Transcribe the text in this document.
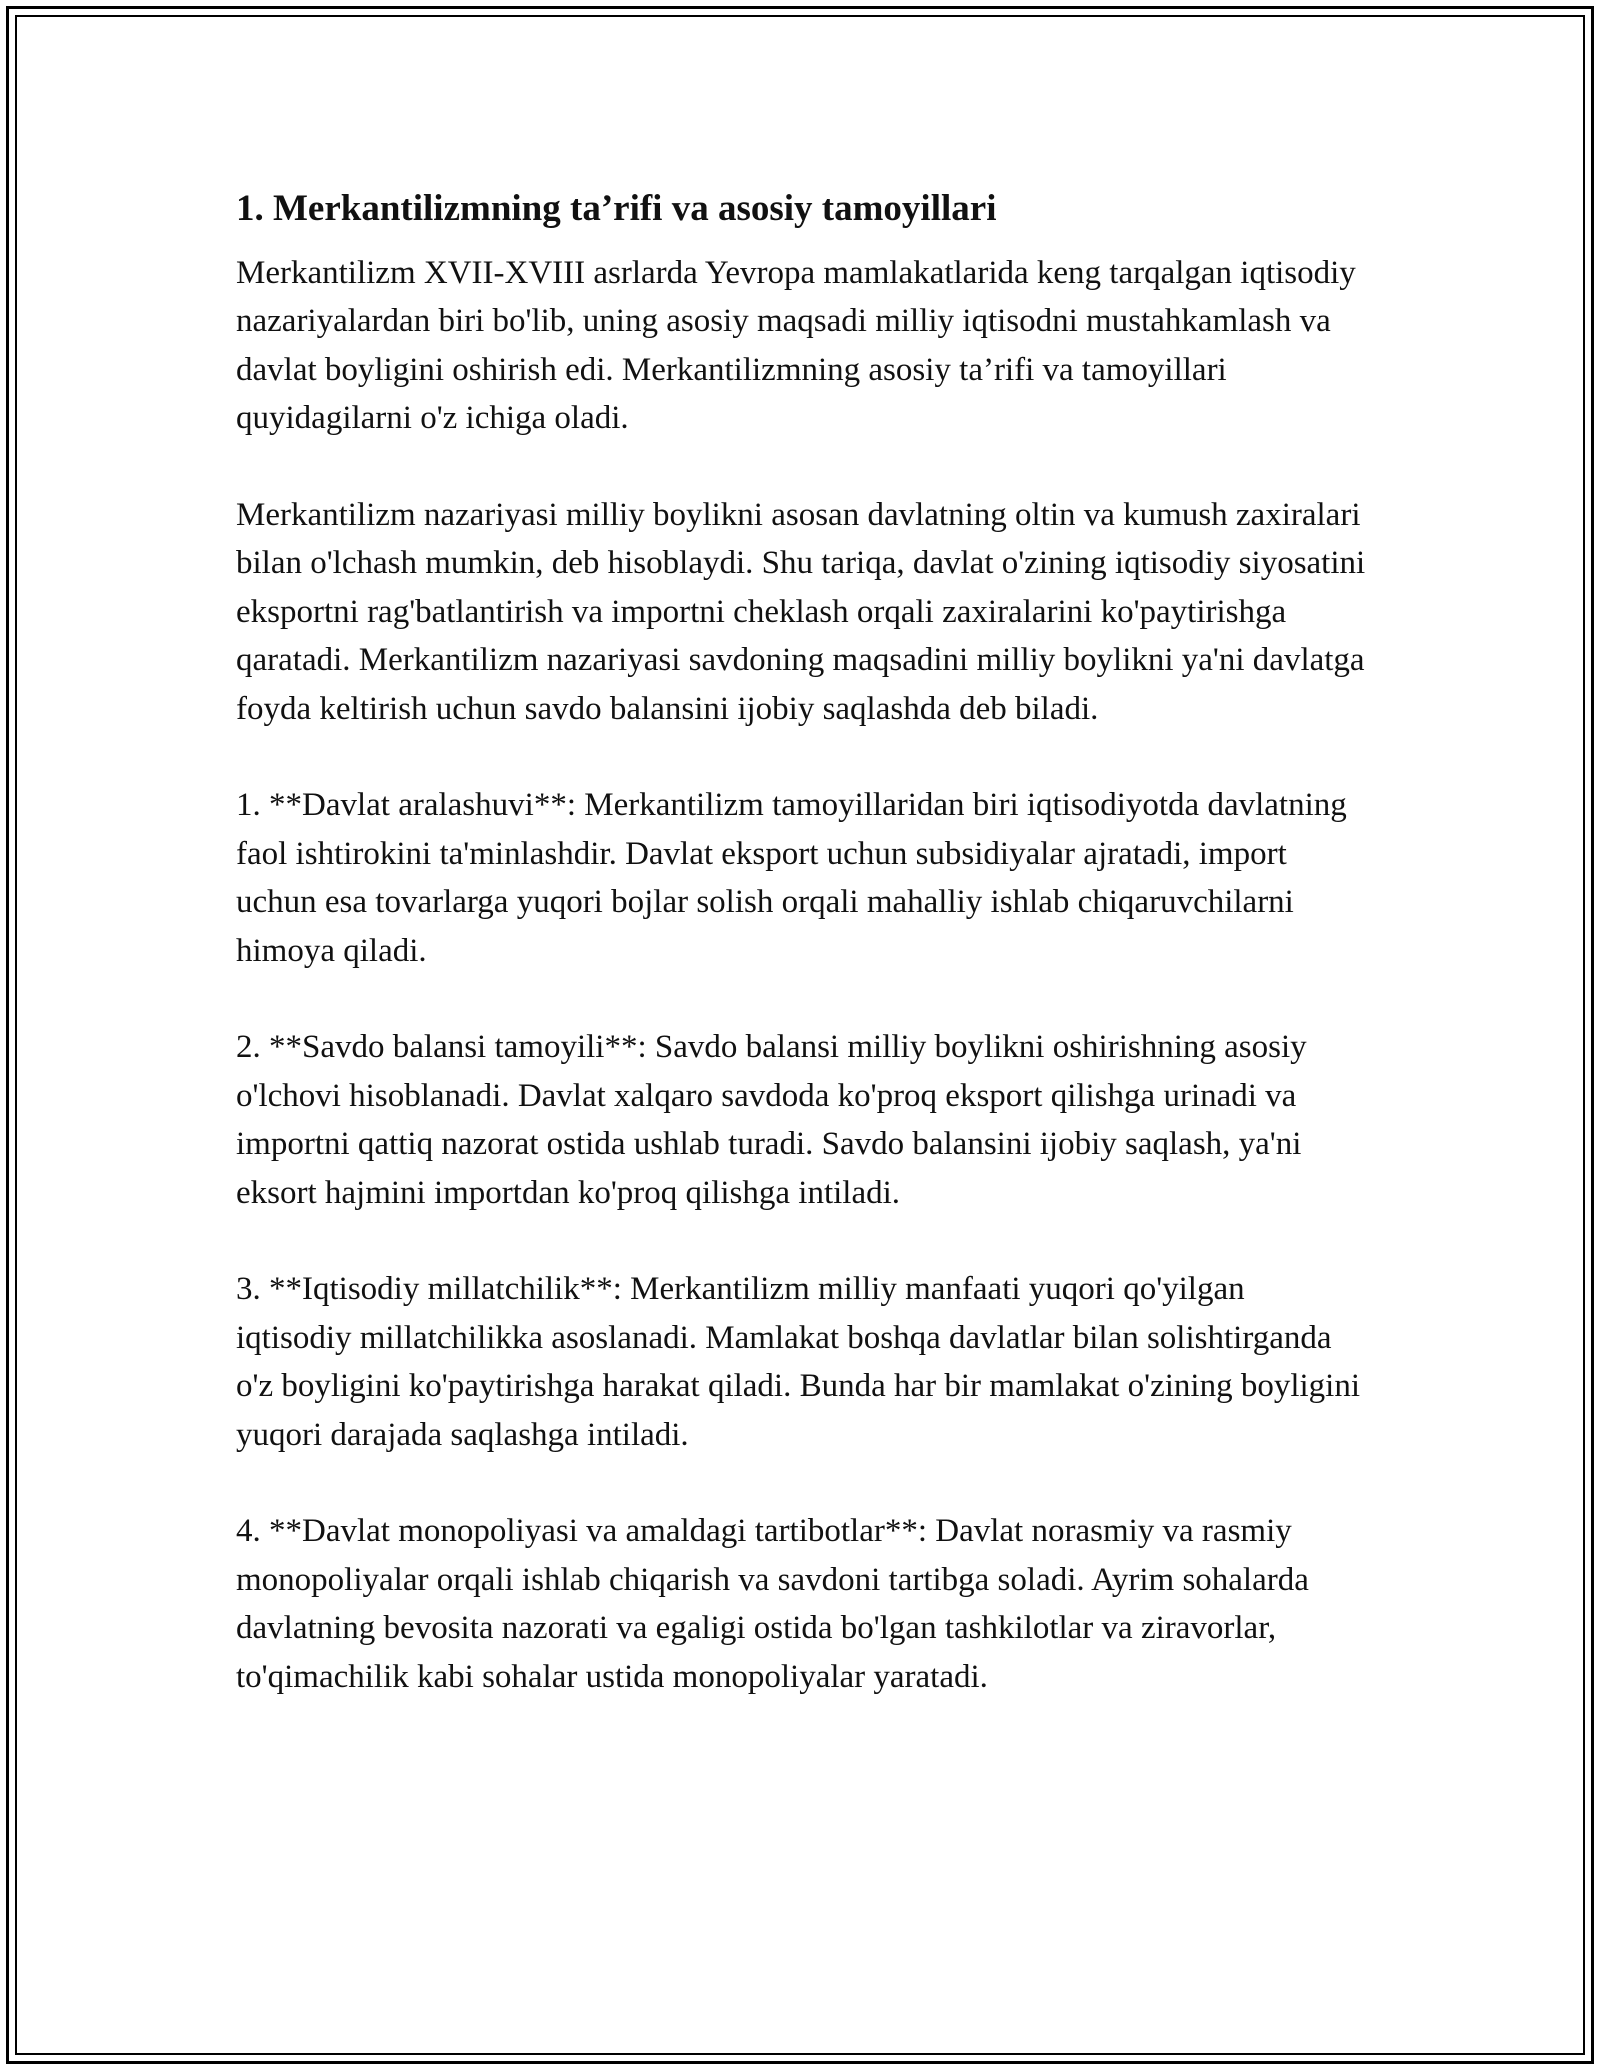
1. Merkantilizmning ta’rifi va asosiy tamoyillari

Merkantilizm XVII-XVIII asrlarda Yevropa mamlakatlarida keng tarqalgan iqtisodiy nazariyalardan biri bo'lib, uning asosiy maqsadi milliy iqtisodni mustahkamlash va davlat boyligini oshirish edi. Merkantilizmning asosiy ta’rifi va tamoyillari quyidagilarni o'z ichiga oladi.

Merkantilizm nazariyasi milliy boylikni asosan davlatning oltin va kumush zaxiralari bilan o'lchash mumkin, deb hisoblaydi. Shu tariqa, davlat o'zining iqtisodiy siyosatini eksportni rag'batlantirish va importni cheklash orqali zaxiralarini ko'paytirishga qaratadi. Merkantilizm nazariyasi savdoning maqsadini milliy boylikni ya'ni davlatga foyda keltirish uchun savdo balansini ijobiy saqlashda deb biladi.

1. **Davlat aralashuvi**: Merkantilizm tamoyillaridan biri iqtisodiyotda davlatning faol ishtirokini ta'minlashdir. Davlat eksport uchun subsidiyalar ajratadi, import uchun esa tovarlarga yuqori bojlar solish orqali mahalliy ishlab chiqaruvchilarni himoya qiladi.

2. **Savdo balansi tamoyili**: Savdo balansi milliy boylikni oshirishning asosiy o'lchovi hisoblanadi. Davlat xalqaro savdoda ko'proq eksport qilishga urinadi va importni qattiq nazorat ostida ushlab turadi. Savdo balansini ijobiy saqlash, ya'ni eksort hajmini importdan ko'proq qilishga intiladi.

3. **Iqtisodiy millatchilik**: Merkantilizm milliy manfaati yuqori qo'yilgan iqtisodiy millatchilikka asoslanadi. Mamlakat boshqa davlatlar bilan solishtirganda o'z boyligini ko'paytirishga harakat qiladi. Bunda har bir mamlakat o'zining boyligini yuqori darajada saqlashga intiladi.

4. **Davlat monopoliyasi va amaldagi tartibotlar**: Davlat norasmiy va rasmiy monopoliyalar orqali ishlab chiqarish va savdoni tartibga soladi. Ayrim sohalarda davlatning bevosita nazorati va egaligi ostida bo'lgan tashkilotlar va ziravorlar, to'qimachilik kabi sohalar ustida monopoliyalar yaratadi.
